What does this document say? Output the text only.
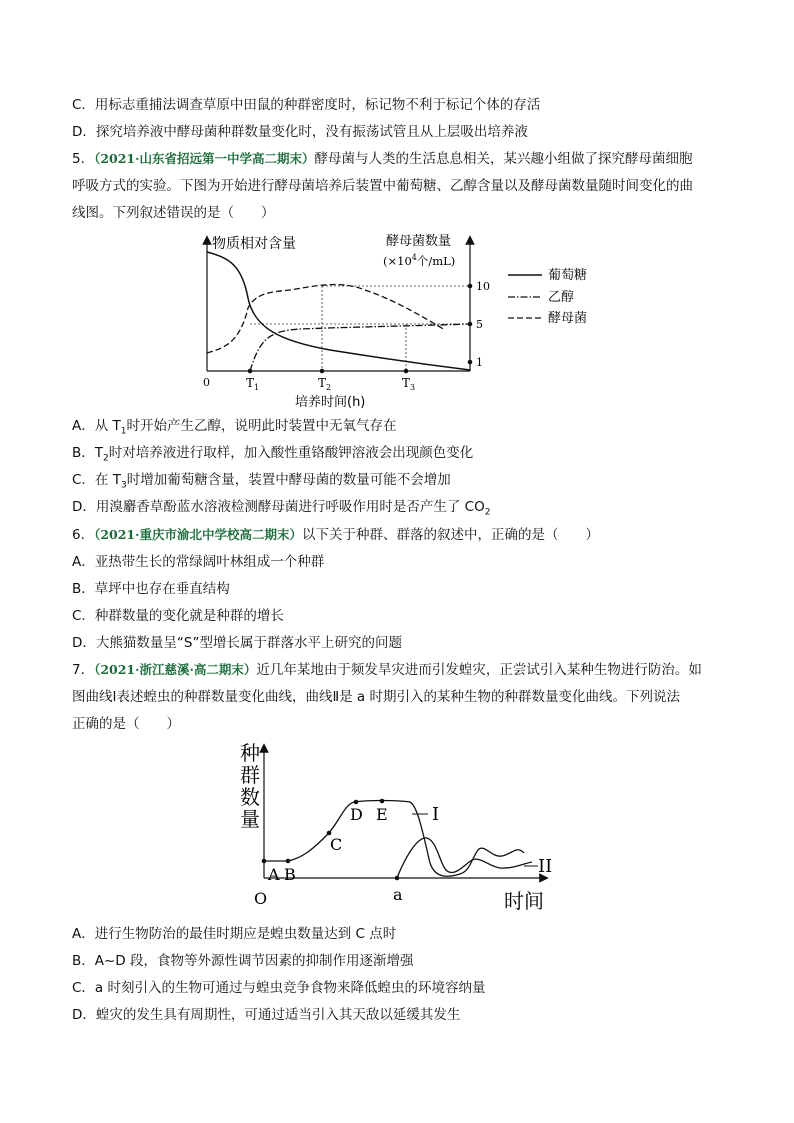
C．用标志重捕法调查草原中田鼠的种群密度时，标记物不利于标记个体的存活
D．探究培养液中酵母菌种群数量变化时，没有振荡试管且从上层吸出培养液
5．（2021·山东省招远第一中学高二期末）酵母菌与人类的生活息息相关，某兴趣小组做了探究酵母菌细胞
呼吸方式的实验。下图为开始进行酵母菌培养后装置中葡萄糖、乙醇含量以及酵母菌数量随时间变化的曲
线图。下列叙述错误的是（　　）
物质相对含量	酵母菌数量
($\times 10^4$个/mL)
10
5
1
0	$T_1$	$T_2$	$T_3$
培养时间(h)
葡萄糖
乙醇
酵母菌
A．从 $T_1$时开始产生乙醇，说明此时装置中无氧气存在
B．$T_2$时对培养液进行取样，加入酸性重铬酸钾溶液会出现颜色变化
C．在 $T_3$时增加葡萄糖含量，装置中酵母菌的数量可能不会增加
D．用溴麝香草酚蓝水溶液检测酵母菌进行呼吸作用时是否产生了 $CO_2$
6．（2021·重庆市渝北中学校高二期末）以下关于种群、群落的叙述中，正确的是（　　）
A．亚热带生长的常绿阔叶林组成一个种群
B．草坪中也存在垂直结构
C．种群数量的变化就是种群的增长
D．大熊猫数量呈“S”型增长属于群落水平上研究的问题
7．（2021·浙江慈溪·高二期末）近几年某地由于频发旱灾进而引发蝗灾，正尝试引入某种生物进行防治。如
图曲线Ⅰ表述蝗虫的种群数量变化曲线，曲线Ⅱ是 a 时期引入的某种生物的种群数量变化曲线。下列说法
正确的是（　　）
种
群
数
量
O	时间
A B
C
D E
a
I
II
A．进行生物防治的最佳时期应是蝗虫数量达到 C 点时
B．A~D 段，食物等外源性调节因素的抑制作用逐渐增强
C．a 时刻引入的生物可通过与蝗虫竞争食物来降低蝗虫的环境容纳量
D．蝗灾的发生具有周期性，可通过适当引入其天敌以延缓其发生
